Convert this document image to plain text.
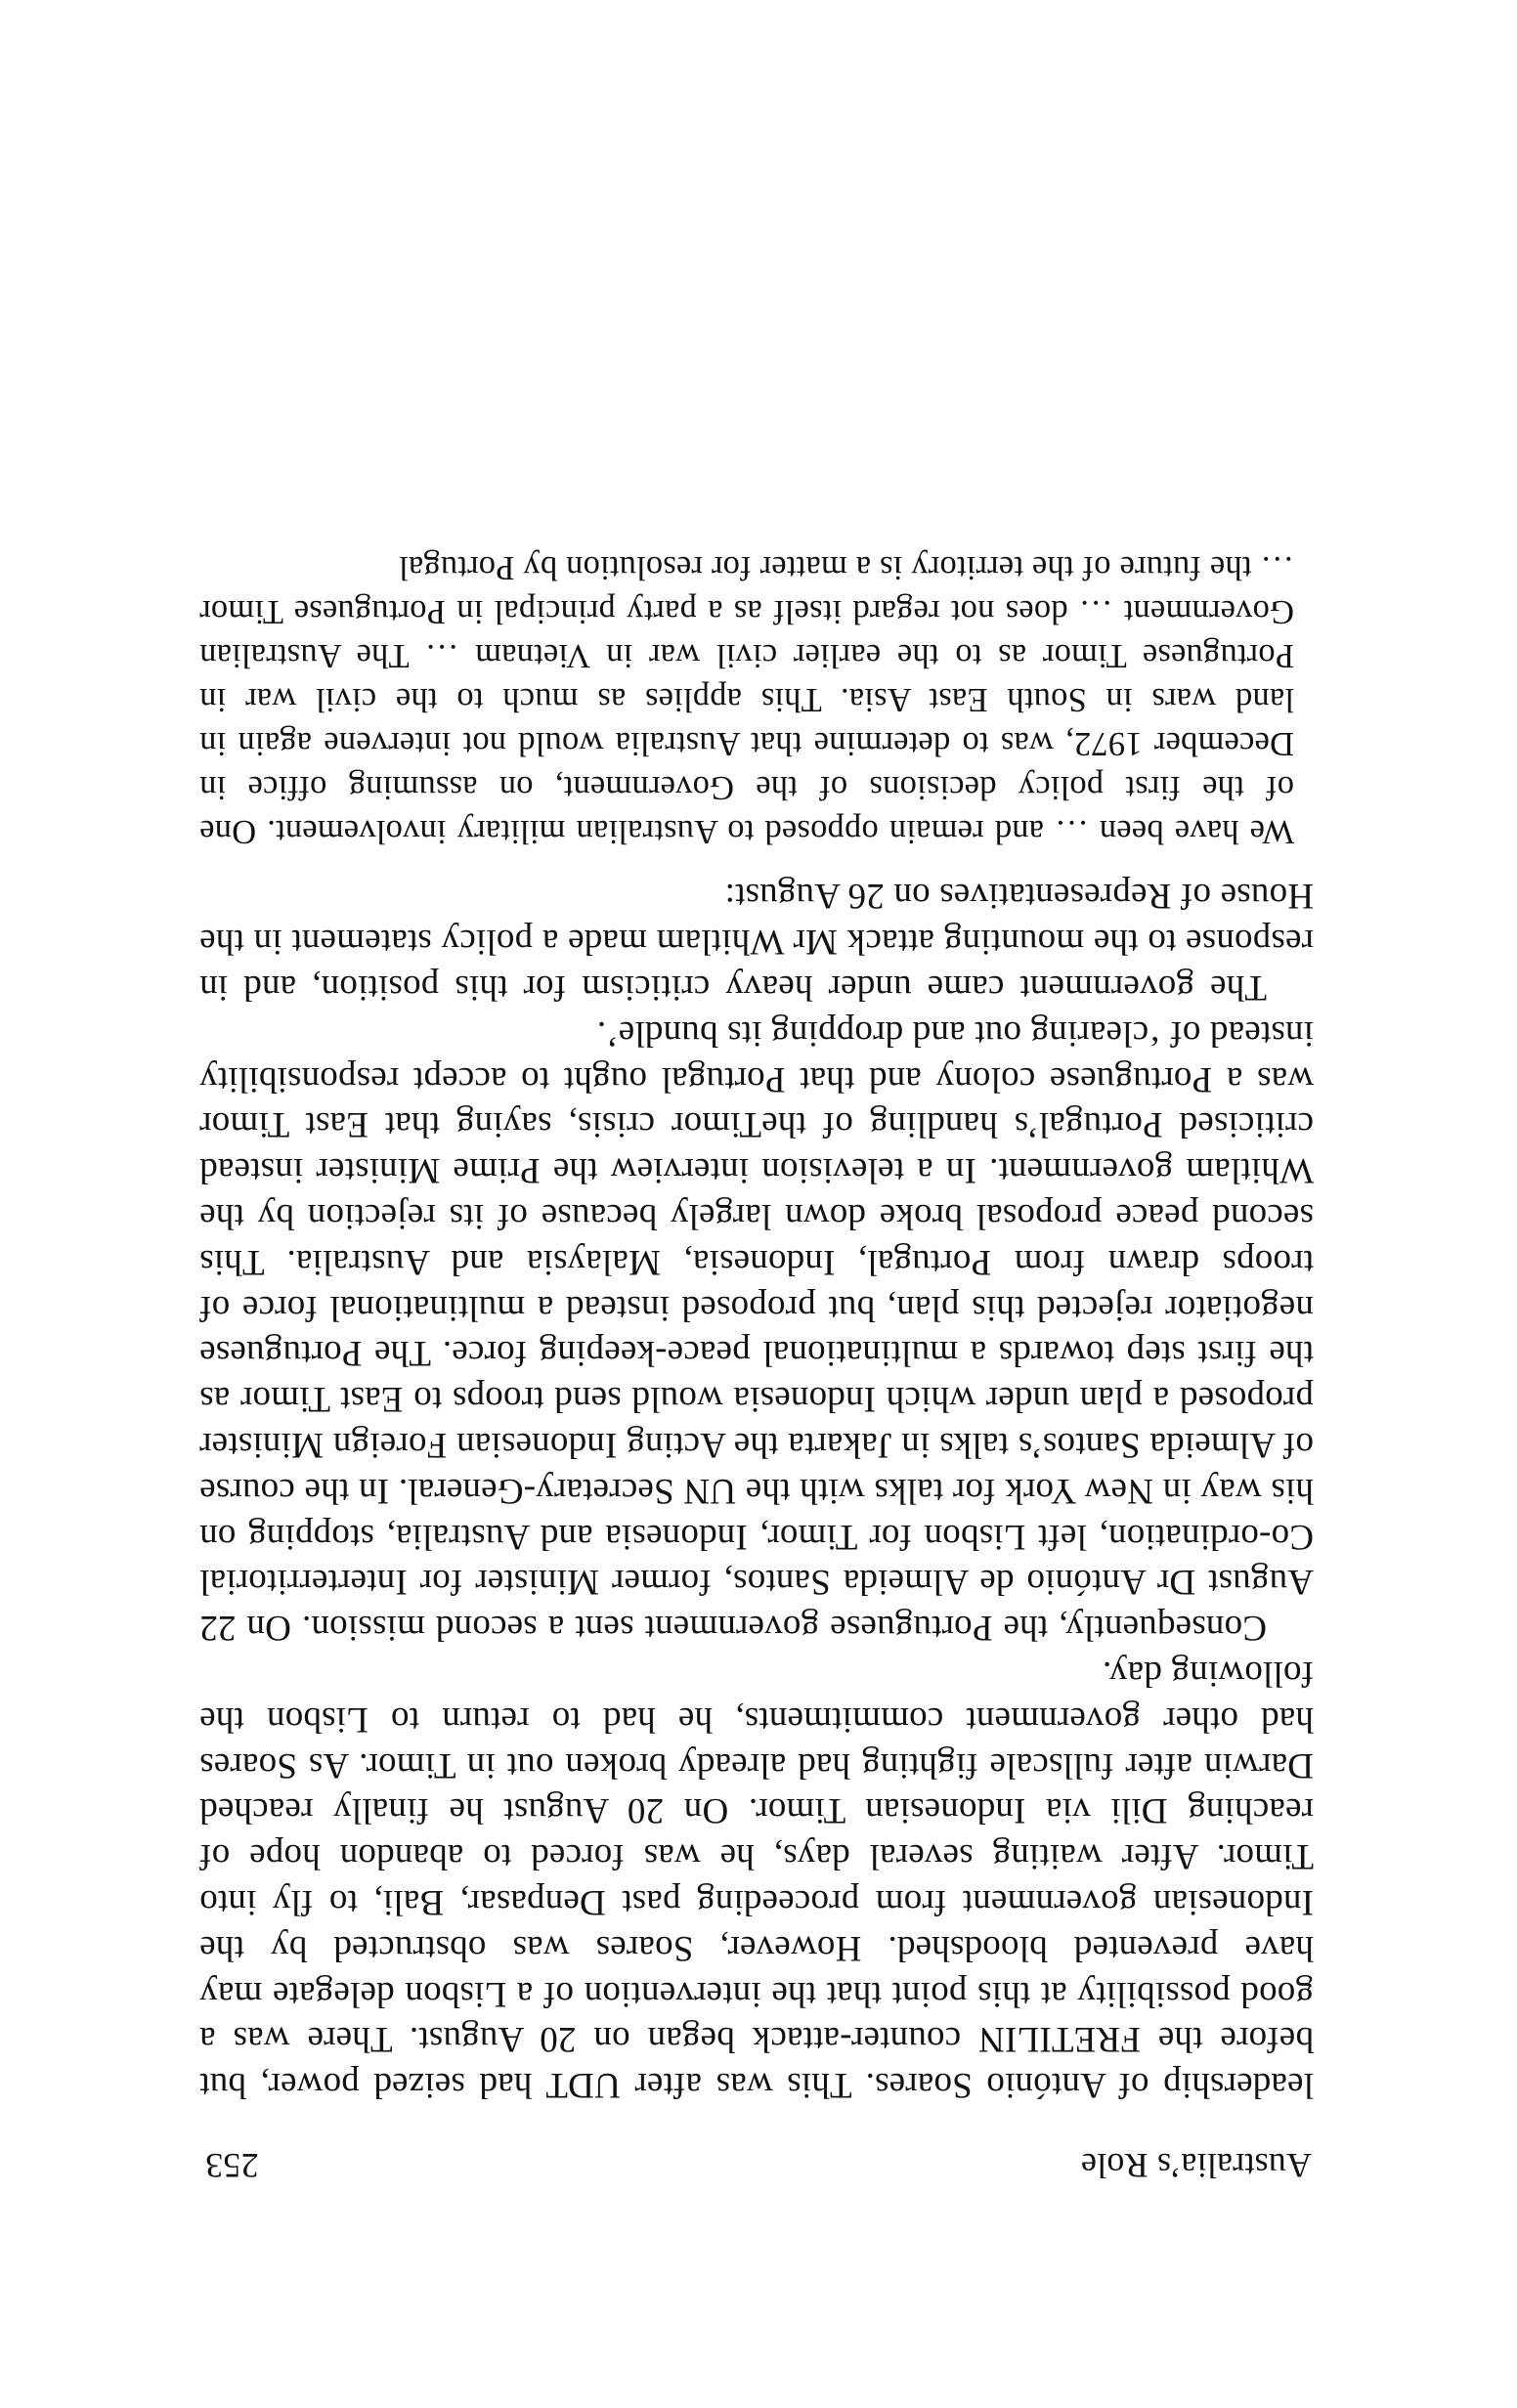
Australia’s Role
253

leadership of António Soares. This was after UDT had seized power, but before the FRETILIN counter-attack began on 20 August. There was a good possibility at this point that the intervention of a Lisbon delegate may have prevented bloodshed. However, Soares was obstructed by the Indonesian government from proceeding past Denpasar, Bali, to fly into Timor. After waiting several days, he was forced to abandon hope of reaching Dili via Indonesian Timor. On 20 August he finally reached Darwin after fullscale fighting had already broken out in Timor. As Soares had other government commitments, he had to return to Lisbon the following day.

Consequently, the Portuguese government sent a second mission. On 22 August Dr António de Almeida Santos, former Minister for Interterritorial Co-ordination, left Lisbon for Timor, Indonesia and Australia, stopping on his way in New York for talks with the UN Secretary-General. In the course of Almeida Santos’s talks in Jakarta the Acting Indonesian Foreign Minister proposed a plan under which Indonesia would send troops to East Timor as the first step towards a multinational peace-keeping force. The Portuguese negotiator rejected this plan, but proposed instead a multinational force of troops drawn from Portugal, Indonesia, Malaysia and Australia. This second peace proposal broke down largely because of its rejection by the Whitlam government. In a television interview the Prime Minister instead criticised Portugal’s handling of theTimor crisis, saying that East Timor was a Portuguese colony and that Portugal ought to accept responsibility instead of ‘clearing out and dropping its bundle’.

The government came under heavy criticism for this position, and in response to the mounting attack Mr Whitlam made a policy statement in the House of Representatives on 26 August:

We have been … and remain opposed to Australian military involvement. One of the first policy decisions of the Government, on assuming office in December 1972, was to determine that Australia would not intervene again in land wars in South East Asia. This applies as much to the civil war in Portuguese Timor as to the earlier civil war in Vietnam … The Australian Government … does not regard itself as a party principal in Portuguese Timor … the future of the territory is a matter for resolution by Portugal
